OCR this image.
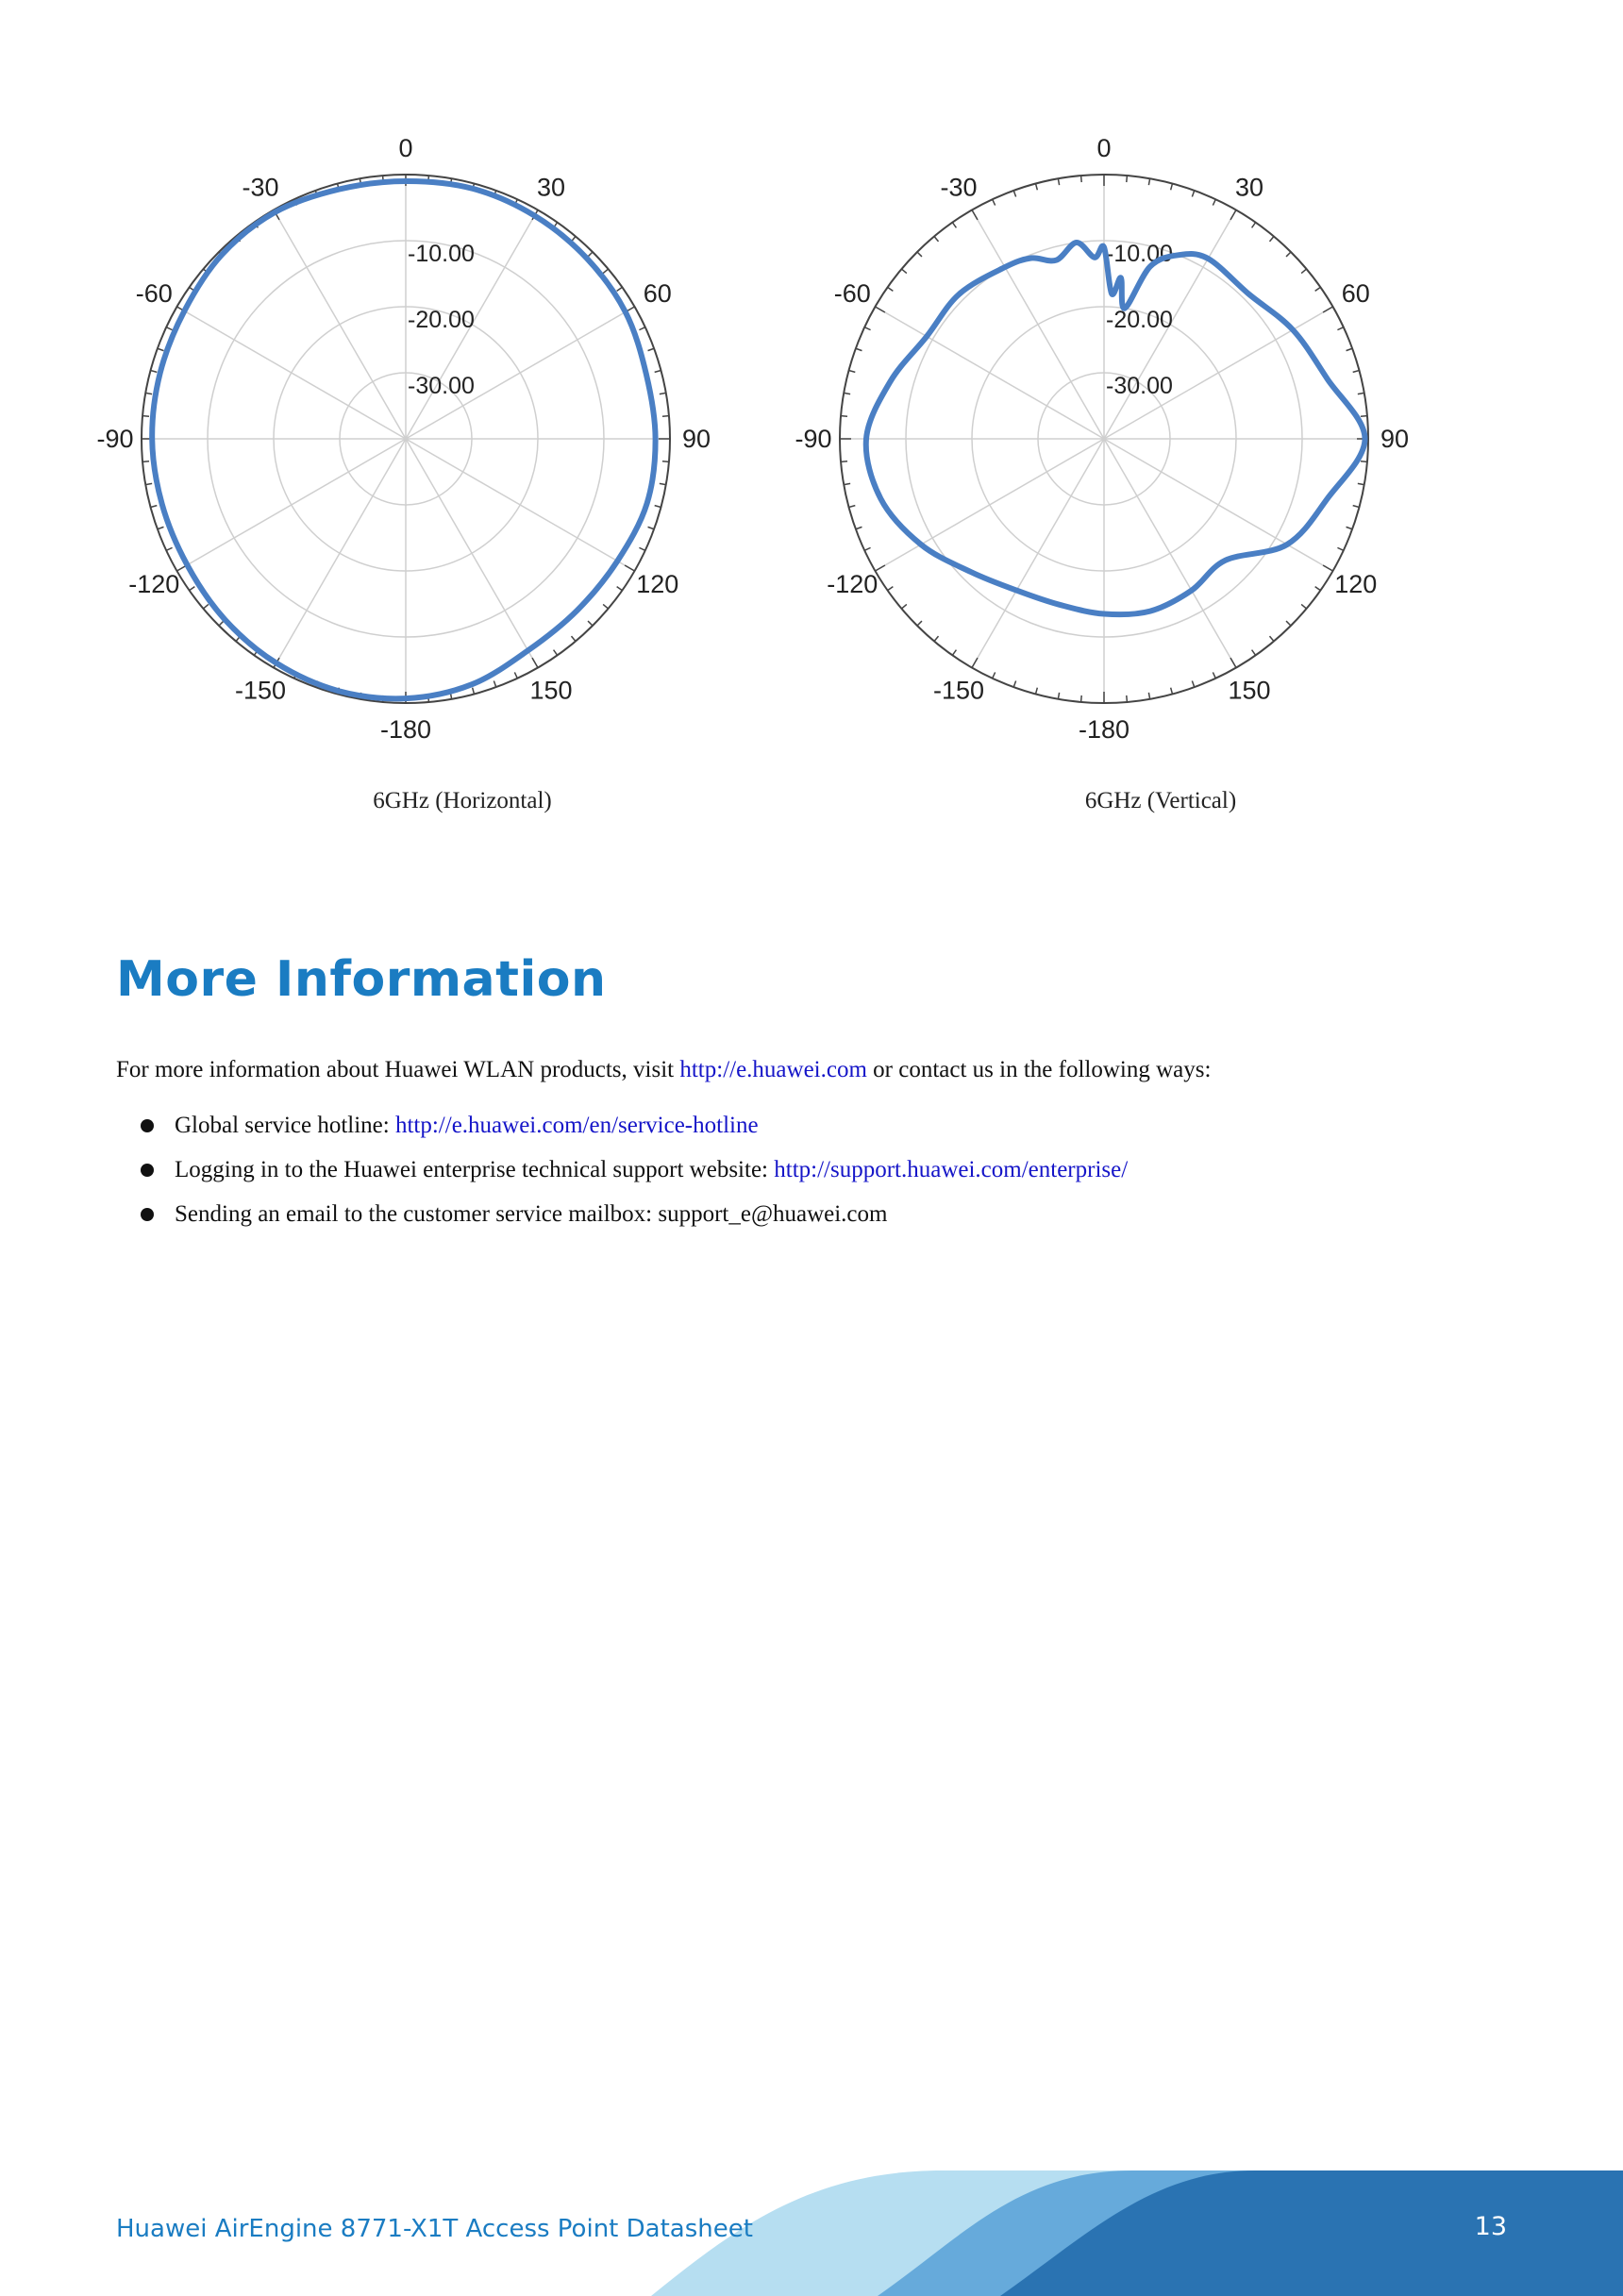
0
30
60
90
120
150
-180
-150
-120
-90
-60
-30
-10.00
-20.00
-30.00
6GHz (Horizontal)
0
30
60
90
120
150
-180
-150
-120
-90
-60
-30
-10.00
-20.00
-30.00
6GHz (Vertical)
More Information
For more information about Huawei WLAN products, visit http://e.huawei.com or contact us in the following ways:
Global service hotline: http://e.huawei.com/en/service-hotline
Logging in to the Huawei enterprise technical support website: http://support.huawei.com/enterprise/
Sending an email to the customer service mailbox: support_e@huawei.com
Huawei AirEngine 8771-X1T Access Point Datasheet	13
